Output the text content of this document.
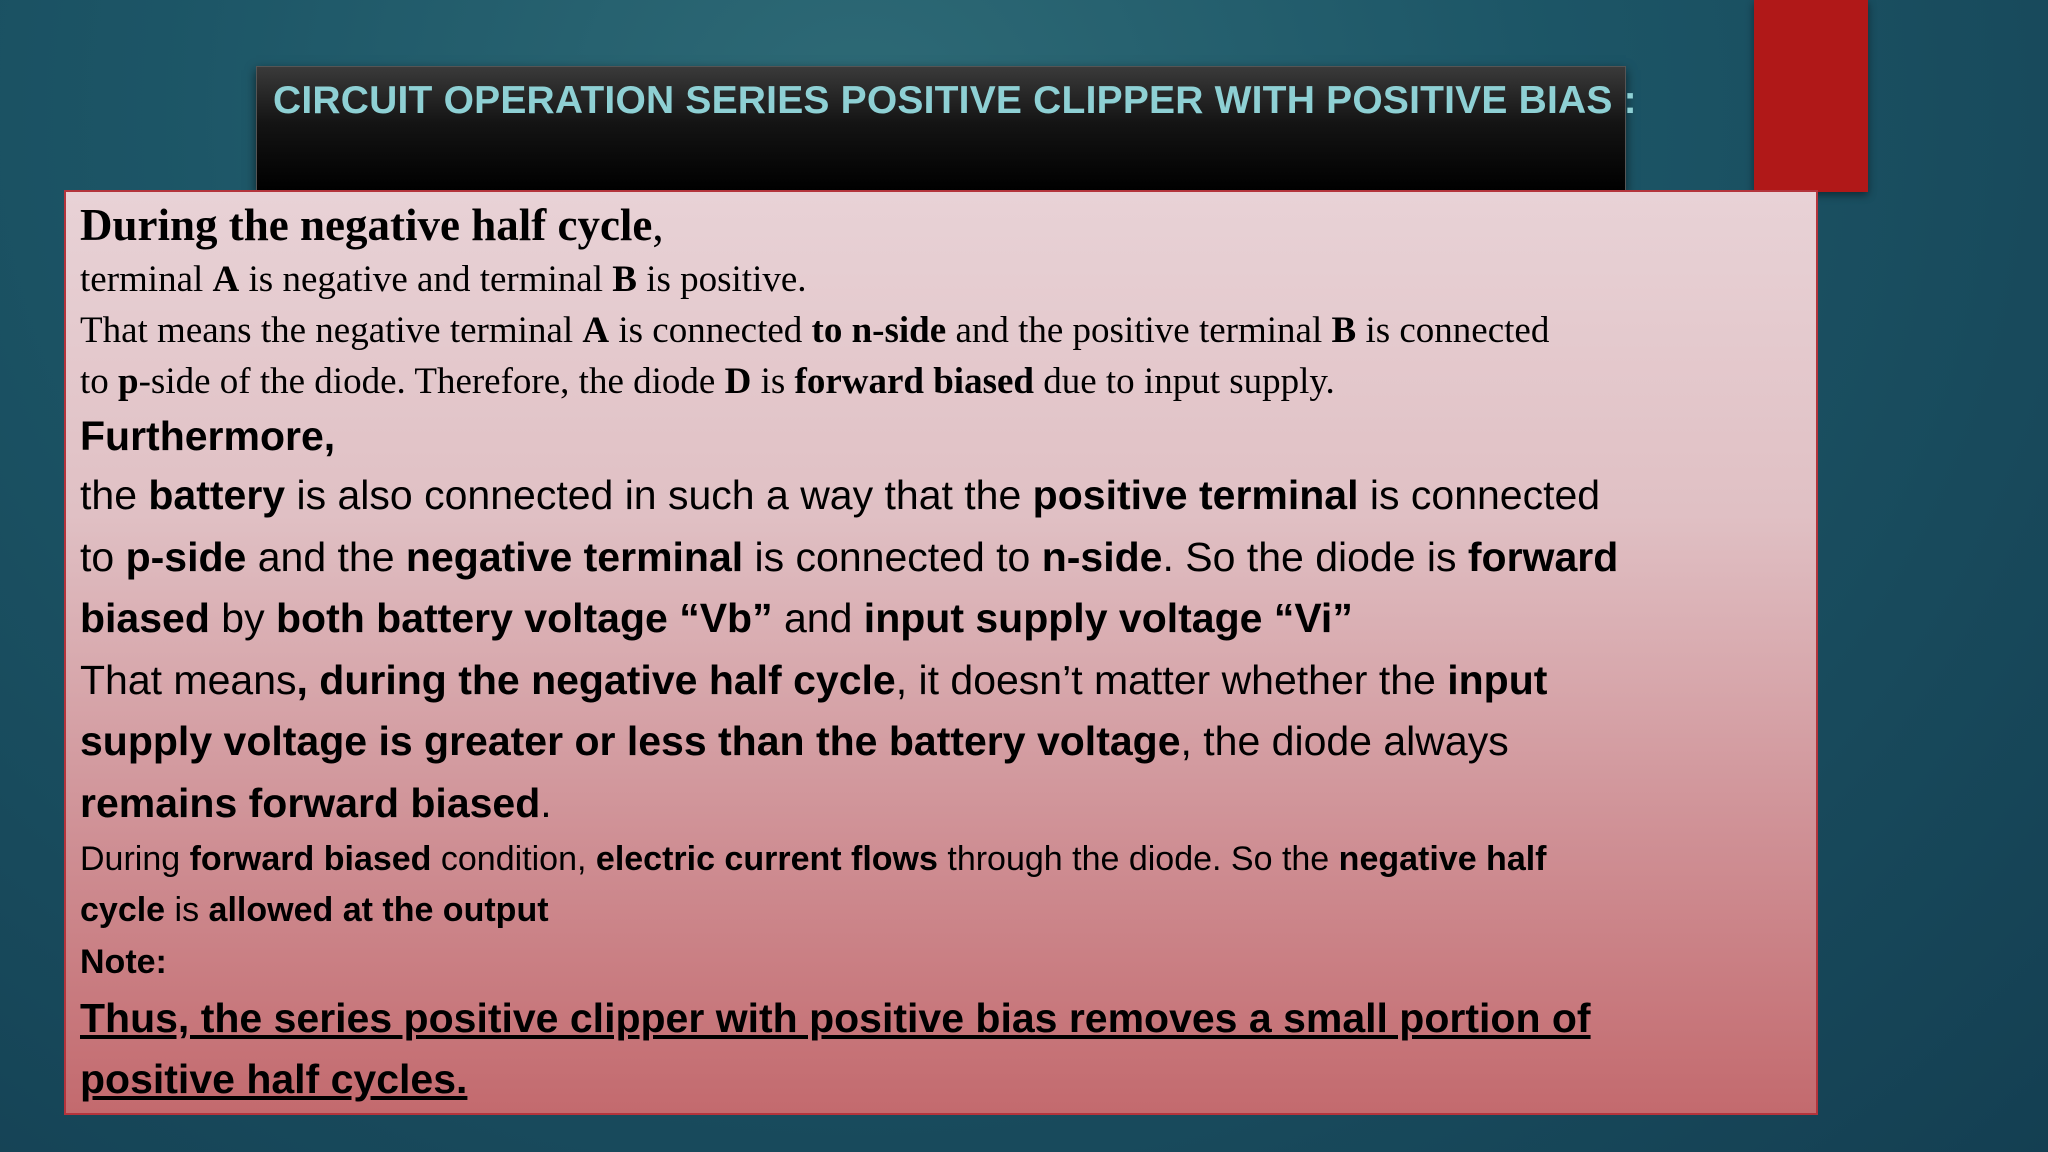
CIRCUIT OPERATION SERIES POSITIVE CLIPPER WITH POSITIVE BIAS :

During the negative half cycle,

terminal A is negative and terminal B is positive.

That means the negative terminal A is connected to n-side and the positive terminal B is connected

to p-side of the diode. Therefore, the diode D is forward biased due to input supply.

Furthermore,

the battery is also connected in such a way that the positive terminal is connected

to p-side and the negative terminal is connected to n-side. So the diode is forward

biased by both battery voltage “Vb” and input supply voltage “Vi”

That means, during the negative half cycle, it doesn’t matter whether the input

supply voltage is greater or less than the battery voltage, the diode always

remains forward biased.

During forward biased condition, electric current flows through the diode. So the negative half

cycle is allowed at the output

Note:

Thus, the series positive clipper with positive bias removes a small portion of

positive half cycles.
